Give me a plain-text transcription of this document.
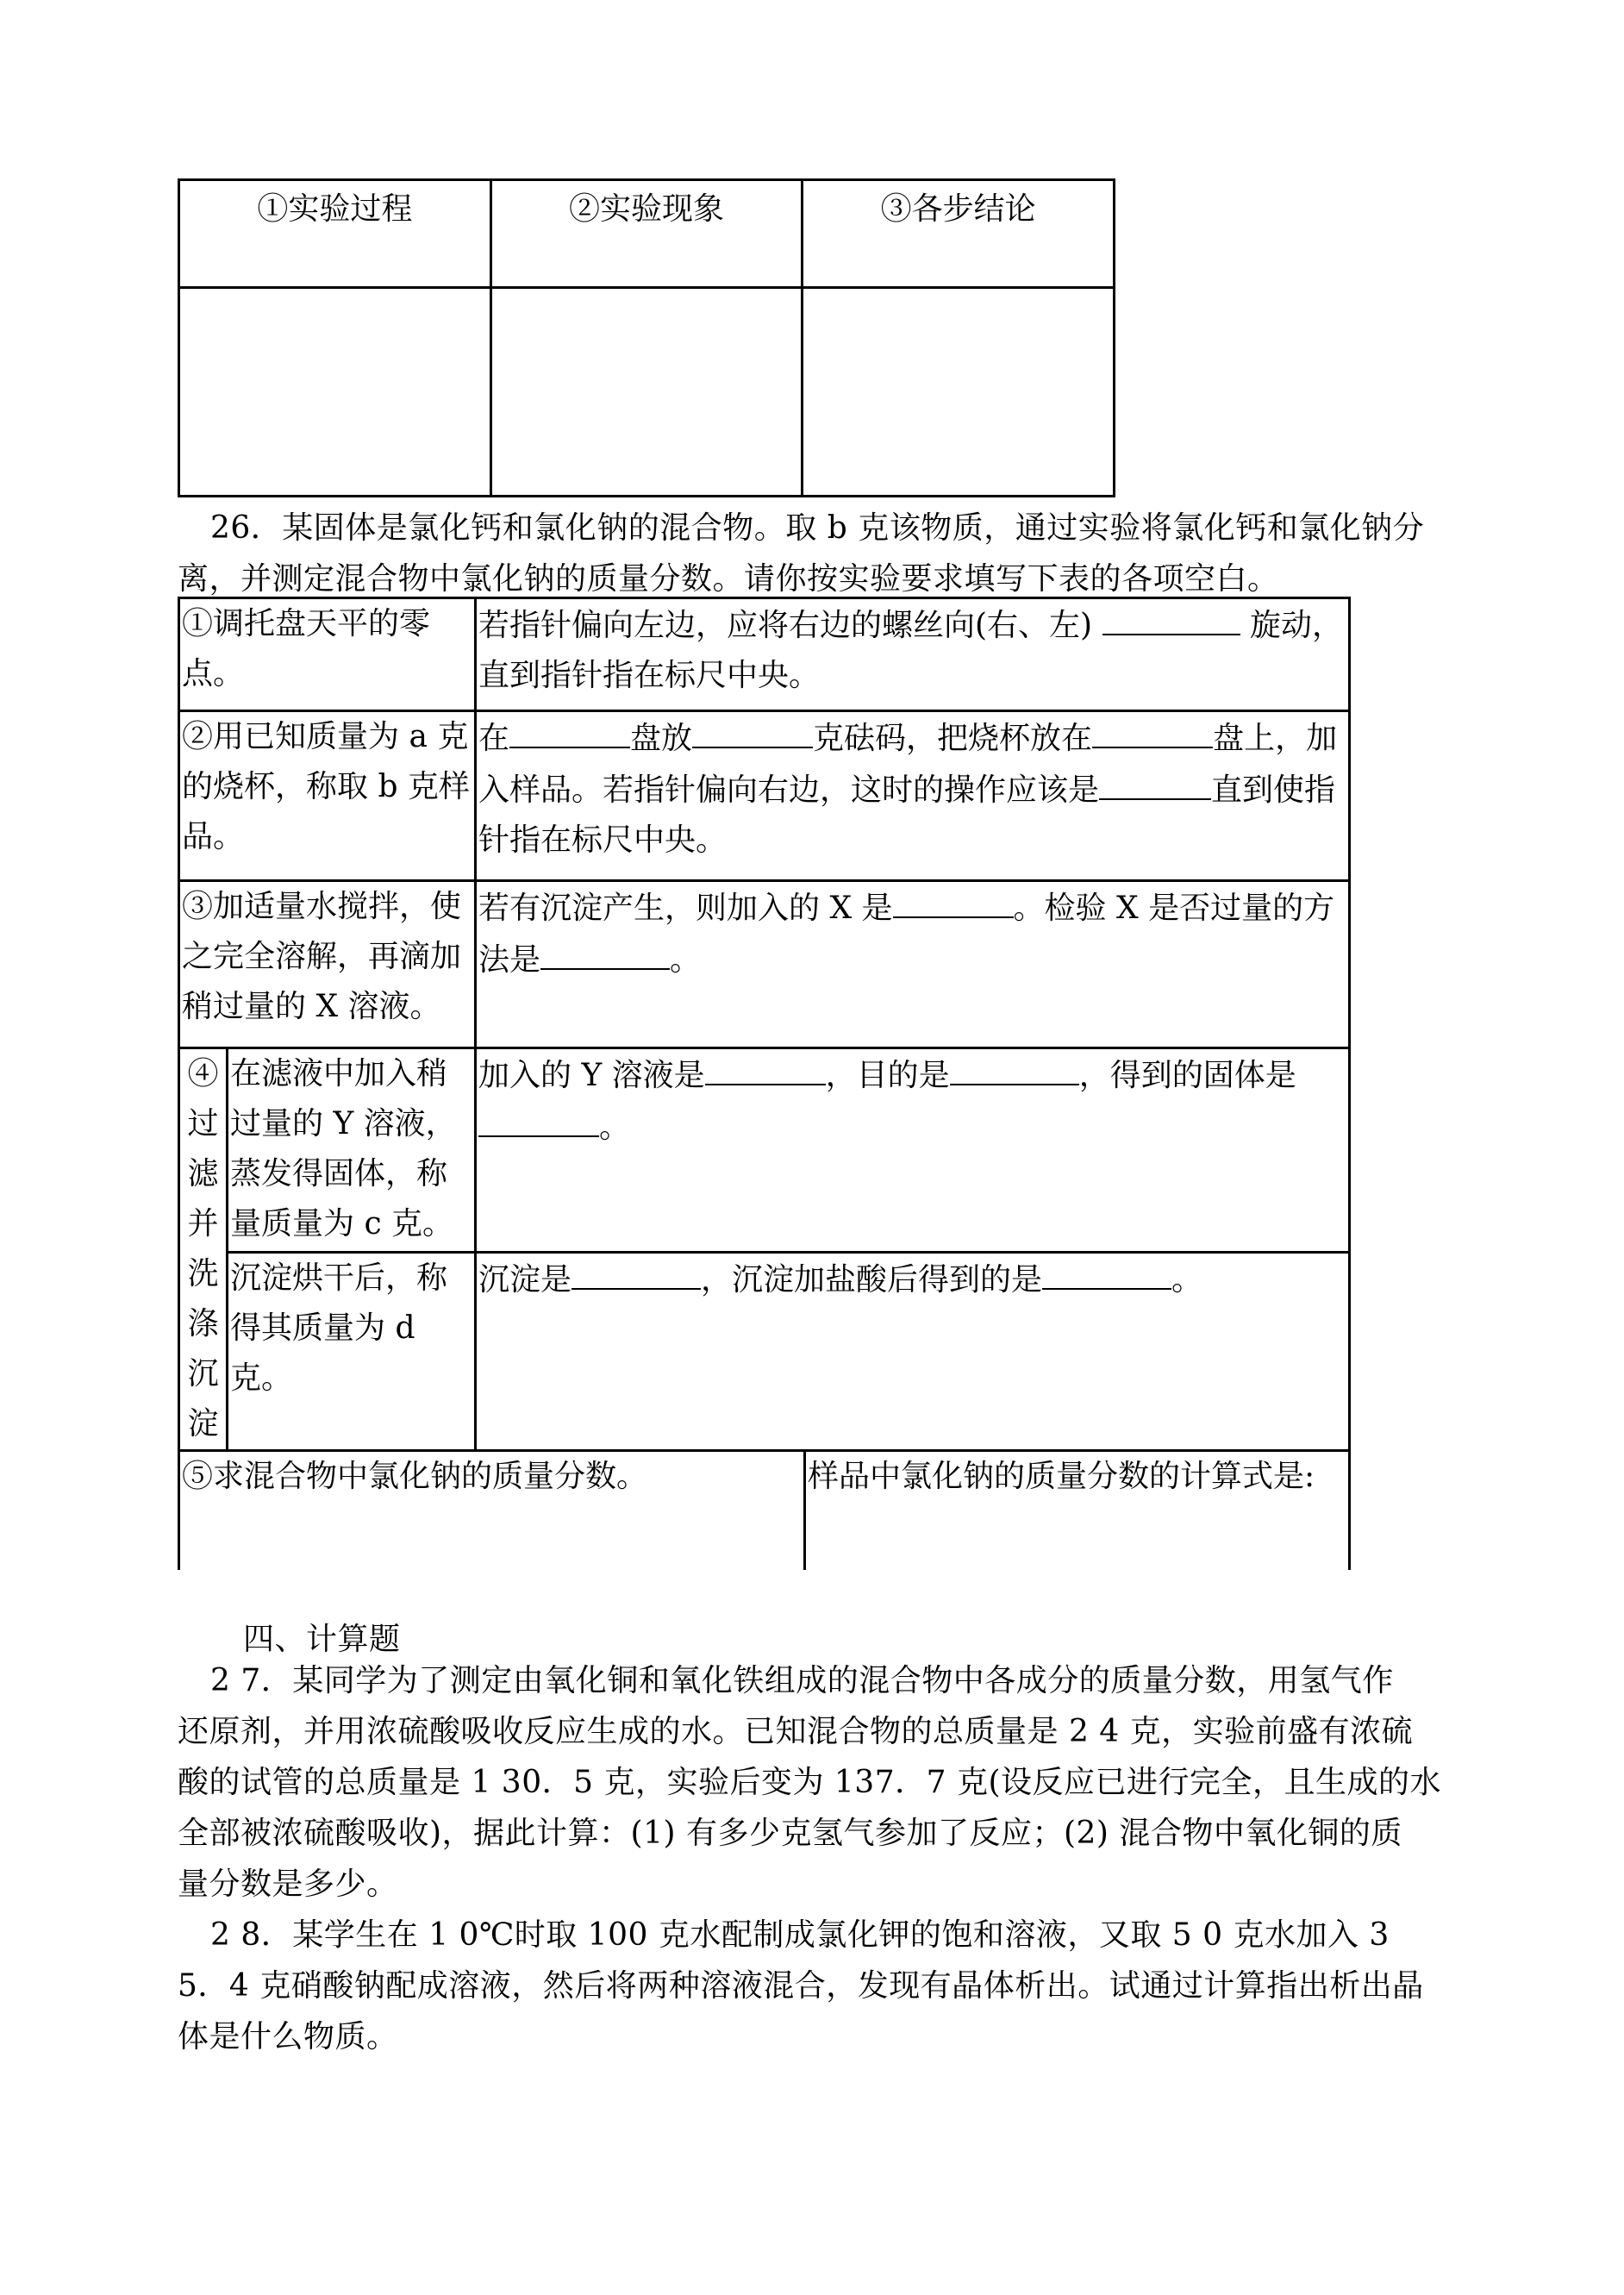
①实验过程	②实验现象	③各步结论

26．某固体是氯化钙和氯化钠的混合物。取 b 克该物质，通过实验将氯化钙和氯化钠分
离，并测定混合物中氯化钠的质量分数。请你按实验要求填写下表的各项空白。
①调托盘天平的零点。		若指针偏向左边，应将右边的螺丝向(右、左) 旋动，直到指针指在标尺中央。	
②用已知质量为 a 克的烧杯，称取 b 克样品。		在 盘放 克砝码，把烧杯放在 盘上，加入样品。若指针偏向右边，这时的操作应该是 直到使指针指在标尺中央。	
③加适量水搅拌，使之完全溶解，再滴加稍过量的 X 溶液。		若有沉淀产生，则加入的 X 是 。检验 X 是否过量的方法是 。	
④过滤并洗涤沉淀	在滤液中加入稍过量的 Y 溶液，蒸发得固体，称量质量为 c 克。	加入的 Y 溶液是 ，目的是 ，得到的固体是。	
	沉淀烘干后，称得其质量为 d 克。	沉淀是 ，沉淀加盐酸后得到的是 。	
⑤求混合物中氯化钠的质量分数。			样品中氯化钠的质量分数的计算式是:
四、计算题
2 7．某同学为了测定由氧化铜和氧化铁组成的混合物中各成分的质量分数，用氢气作
还原剂，并用浓硫酸吸收反应生成的水。已知混合物的总质量是 2 4 克，实验前盛有浓硫
酸的试管的总质量是 1 30．5 克，实验后变为 137．7 克(设反应已进行完全，且生成的水
全部被浓硫酸吸收)，据此计算：(1) 有多少克氢气参加了反应；(2) 混合物中氧化铜的质
量分数是多少。
2 8．某学生在 1 0℃时取 100 克水配制成氯化钾的饱和溶液，又取 5 0 克水加入 3
5．4 克硝酸钠配成溶液，然后将两种溶液混合，发现有晶体析出。试通过计算指出析出晶
体是什么物质。
